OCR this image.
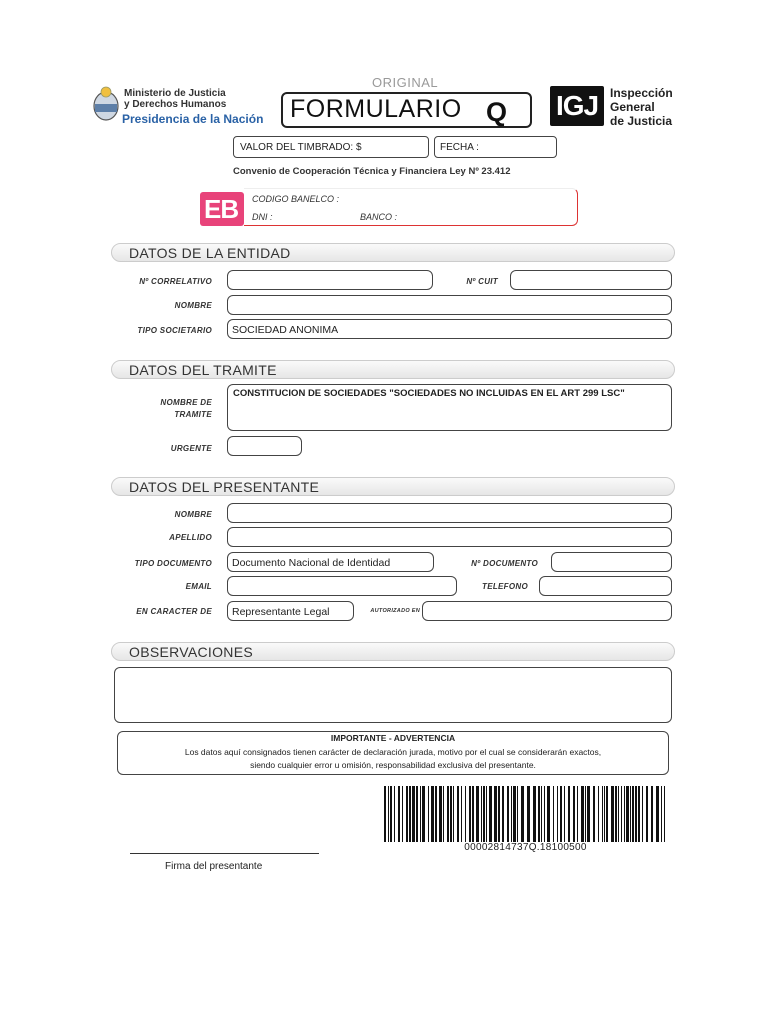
Ministerio de Justicia
y Derechos Humanos
Presidencia de la Nación
ORIGINAL
FORMULARIO Q IGJ Inspección
General
de Justicia
VALOR DEL TIMBRADO: $	FECHA :
Convenio de Cooperación Técnica y Financiera Ley Nº 23.412
EB CODIGO BANELCO :
DNI :	BANCO :
DATOS DE LA ENTIDAD
Nº CORRELATIVO	Nº CUIT
NOMBRE
TIPO SOCIETARIO SOCIEDAD ANONIMA
DATOS DEL TRAMITE
NOMBRE DE
TRAMITE
CONSTITUCION DE SOCIEDADES "SOCIEDADES NO INCLUIDAS EN EL ART 299 LSC"
URGENTE
DATOS DEL PRESENTANTE
NOMBRE
APELLIDO
TIPO DOCUMENTO Documento Nacional de Identidad	Nº DOCUMENTO
EMAIL	TELEFONO
EN CARACTER DE Representante Legal	AUTORIZADO EN
OBSERVACIONES
IMPORTANTE - ADVERTENCIA
Los datos aquí consignados tienen carácter de declaración jurada, motivo por el cual se considerarán exactos,
siendo cualquier error u omisión, responsabilidad exclusiva del presentante.
00002814737Q.18100500
Firma del presentante
